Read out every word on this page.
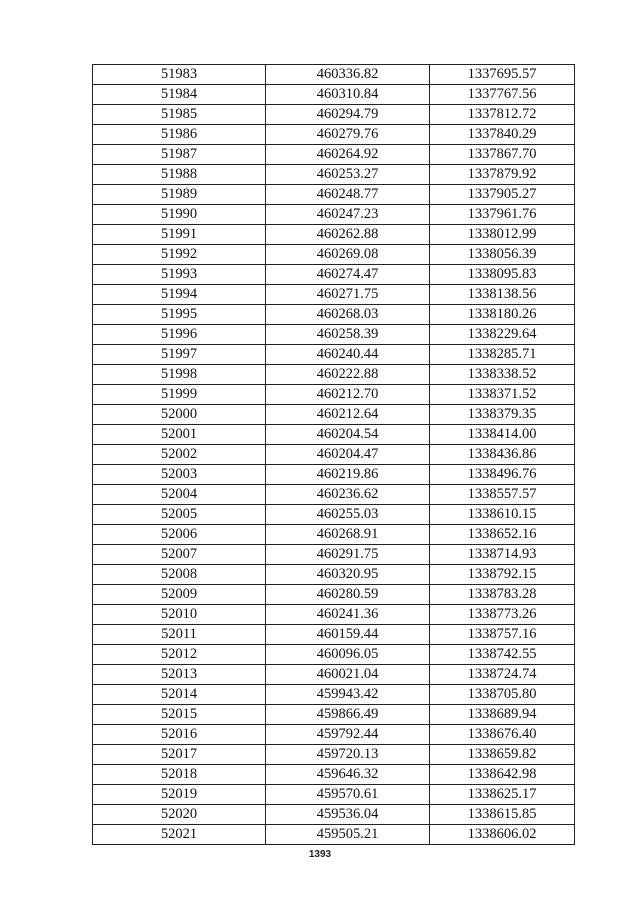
51983	460336.82	1337695.57
51984	460310.84	1337767.56
51985	460294.79	1337812.72
51986	460279.76	1337840.29
51987	460264.92	1337867.70
51988	460253.27	1337879.92
51989	460248.77	1337905.27
51990	460247.23	1337961.76
51991	460262.88	1338012.99
51992	460269.08	1338056.39
51993	460274.47	1338095.83
51994	460271.75	1338138.56
51995	460268.03	1338180.26
51996	460258.39	1338229.64
51997	460240.44	1338285.71
51998	460222.88	1338338.52
51999	460212.70	1338371.52
52000	460212.64	1338379.35
52001	460204.54	1338414.00
52002	460204.47	1338436.86
52003	460219.86	1338496.76
52004	460236.62	1338557.57
52005	460255.03	1338610.15
52006	460268.91	1338652.16
52007	460291.75	1338714.93
52008	460320.95	1338792.15
52009	460280.59	1338783.28
52010	460241.36	1338773.26
52011	460159.44	1338757.16
52012	460096.05	1338742.55
52013	460021.04	1338724.74
52014	459943.42	1338705.80
52015	459866.49	1338689.94
52016	459792.44	1338676.40
52017	459720.13	1338659.82
52018	459646.32	1338642.98
52019	459570.61	1338625.17
52020	459536.04	1338615.85
52021	459505.21	1338606.02
1393
